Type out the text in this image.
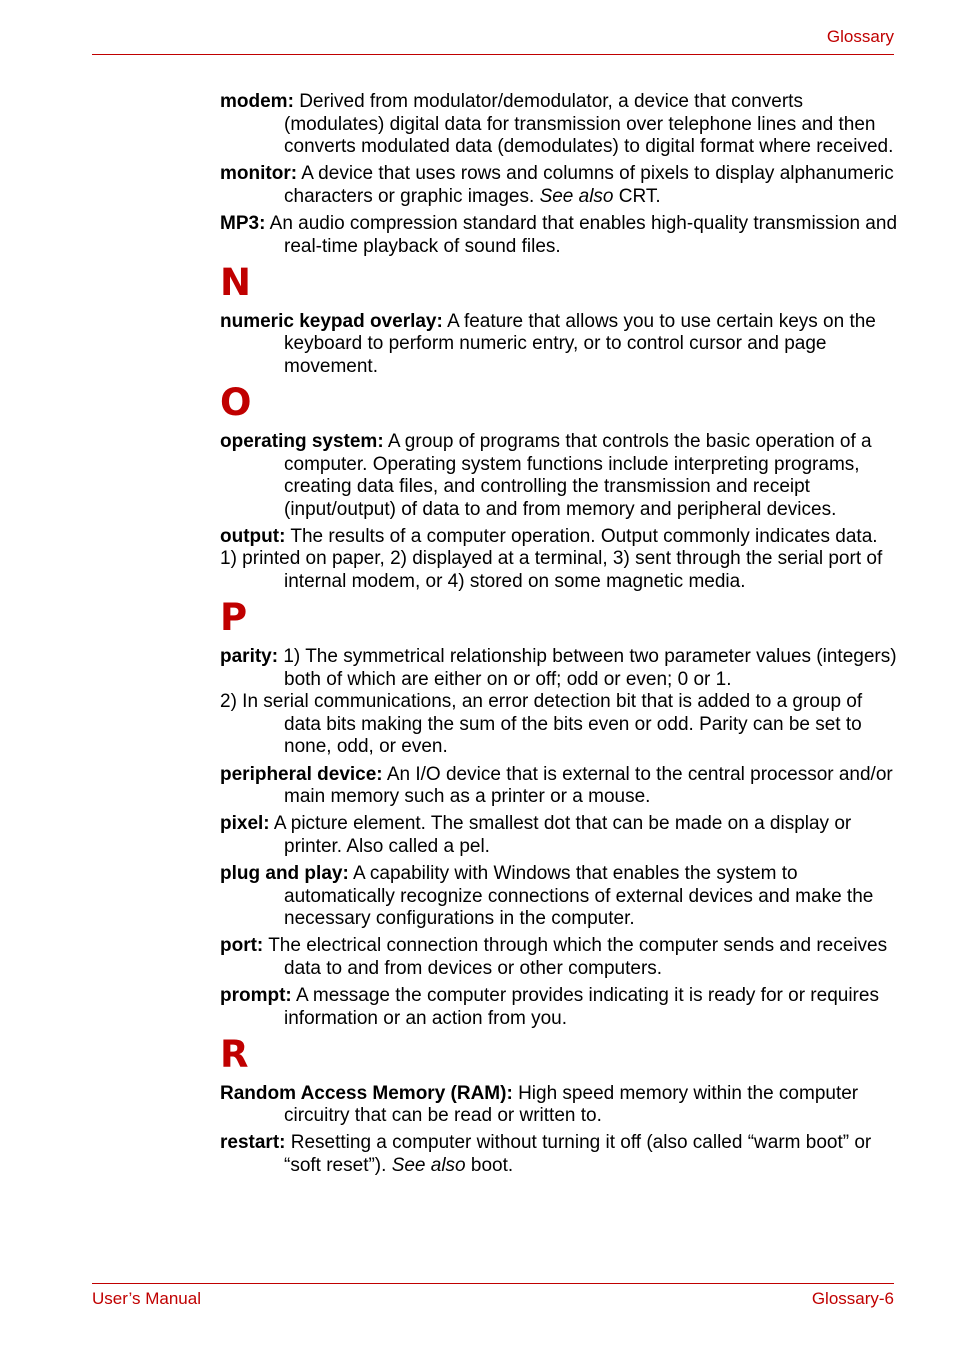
Glossary

modem: Derived from modulator/demodulator, a device that converts (modulates) digital data for transmission over telephone lines and then converts modulated data (demodulates) to digital format where received.

monitor: A device that uses rows and columns of pixels to display alphanumeric characters or graphic images. See also CRT.

MP3: An audio compression standard that enables high-quality transmission and real-time playback of sound files.

N

numeric keypad overlay: A feature that allows you to use certain keys on the keyboard to perform numeric entry, or to control cursor and page movement.

O

operating system: A group of programs that controls the basic operation of a computer. Operating system functions include interpreting programs, creating data files, and controlling the transmission and receipt (input/output) of data to and from memory and peripheral devices.

output: The results of a computer operation. Output commonly indicates data.
1) printed on paper, 2) displayed at a terminal, 3) sent through the serial port of internal modem, or 4) stored on some magnetic media.

P

parity: 1) The symmetrical relationship between two parameter values (integers) both of which are either on or off; odd or even; 0 or 1.
2) In serial communications, an error detection bit that is added to a group of data bits making the sum of the bits even or odd. Parity can be set to none, odd, or even.

peripheral device: An I/O device that is external to the central processor and/or main memory such as a printer or a mouse.

pixel: A picture element. The smallest dot that can be made on a display or printer. Also called a pel.

plug and play: A capability with Windows that enables the system to automatically recognize connections of external devices and make the necessary configurations in the computer.

port: The electrical connection through which the computer sends and receives data to and from devices or other computers.

prompt: A message the computer provides indicating it is ready for or requires information or an action from you.

R

Random Access Memory (RAM): High speed memory within the computer circuitry that can be read or written to.

restart: Resetting a computer without turning it off (also called “warm boot” or “soft reset”). See also boot.

User’s Manual	Glossary-6
